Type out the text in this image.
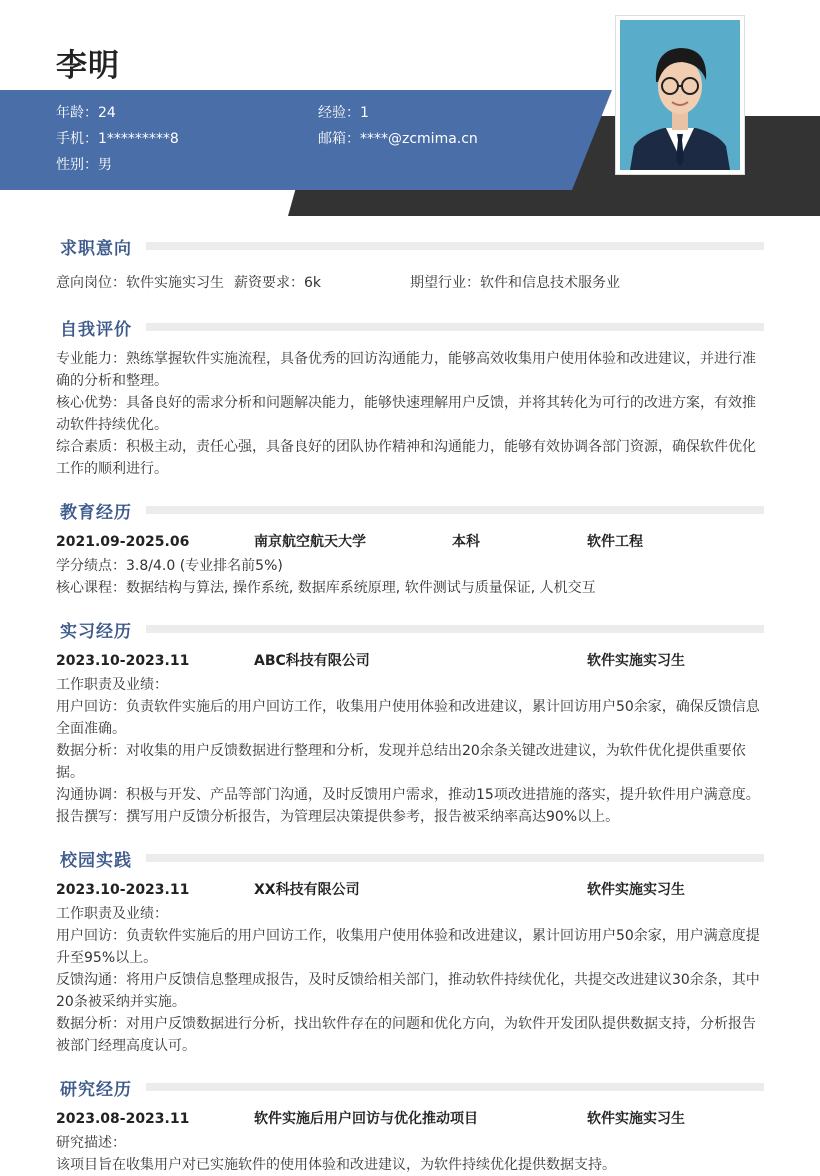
李明
年龄：24	经验：1
手机：1*********8	邮箱：****@zcmima.cn
性别：男
求职意向
意向岗位：软件实施实习生 薪资要求：6k	期望行业：软件和信息技术服务业
自我评价
专业能力：熟练掌握软件实施流程，具备优秀的回访沟通能力，能够高效收集用户使用体验和改进建议，并进行准确的分析和整理。
核心优势：具备良好的需求分析和问题解决能力，能够快速理解用户反馈，并将其转化为可行的改进方案，有效推动软件持续优化。
综合素质：积极主动，责任心强，具备良好的团队协作精神和沟通能力，能够有效协调各部门资源，确保软件优化工作的顺利进行。
教育经历
2021.09-2025.06	南京航空航天大学	本科	软件工程
学分绩点：3.8/4.0 (专业排名前5%)
核心课程：数据结构与算法, 操作系统, 数据库系统原理, 软件测试与质量保证, 人机交互
实习经历
2023.10-2023.11	ABC科技有限公司	软件实施实习生
工作职责及业绩：
用户回访：负责软件实施后的用户回访工作，收集用户使用体验和改进建议，累计回访用户50余家，确保反馈信息全面准确。
数据分析：对收集的用户反馈数据进行整理和分析，发现并总结出20余条关键改进建议，为软件优化提供重要依据。
沟通协调：积极与开发、产品等部门沟通，及时反馈用户需求，推动15项改进措施的落实，提升软件用户满意度。
报告撰写：撰写用户反馈分析报告，为管理层决策提供参考，报告被采纳率高达90%以上。
校园实践
2023.10-2023.11	XX科技有限公司	软件实施实习生
工作职责及业绩：
用户回访：负责软件实施后的用户回访工作，收集用户使用体验和改进建议，累计回访用户50余家，用户满意度提升至95%以上。
反馈沟通：将用户反馈信息整理成报告，及时反馈给相关部门，推动软件持续优化，共提交改进建议30余条，其中20条被采纳并实施。
数据分析：对用户反馈数据进行分析，找出软件存在的问题和优化方向，为软件开发团队提供数据支持，分析报告被部门经理高度认可。
研究经历
2023.08-2023.11	软件实施后用户回访与优化推动项目	软件实施实习生
研究描述：
该项目旨在收集用户对已实施软件的使用体验和改进建议，为软件持续优化提供数据支持。
